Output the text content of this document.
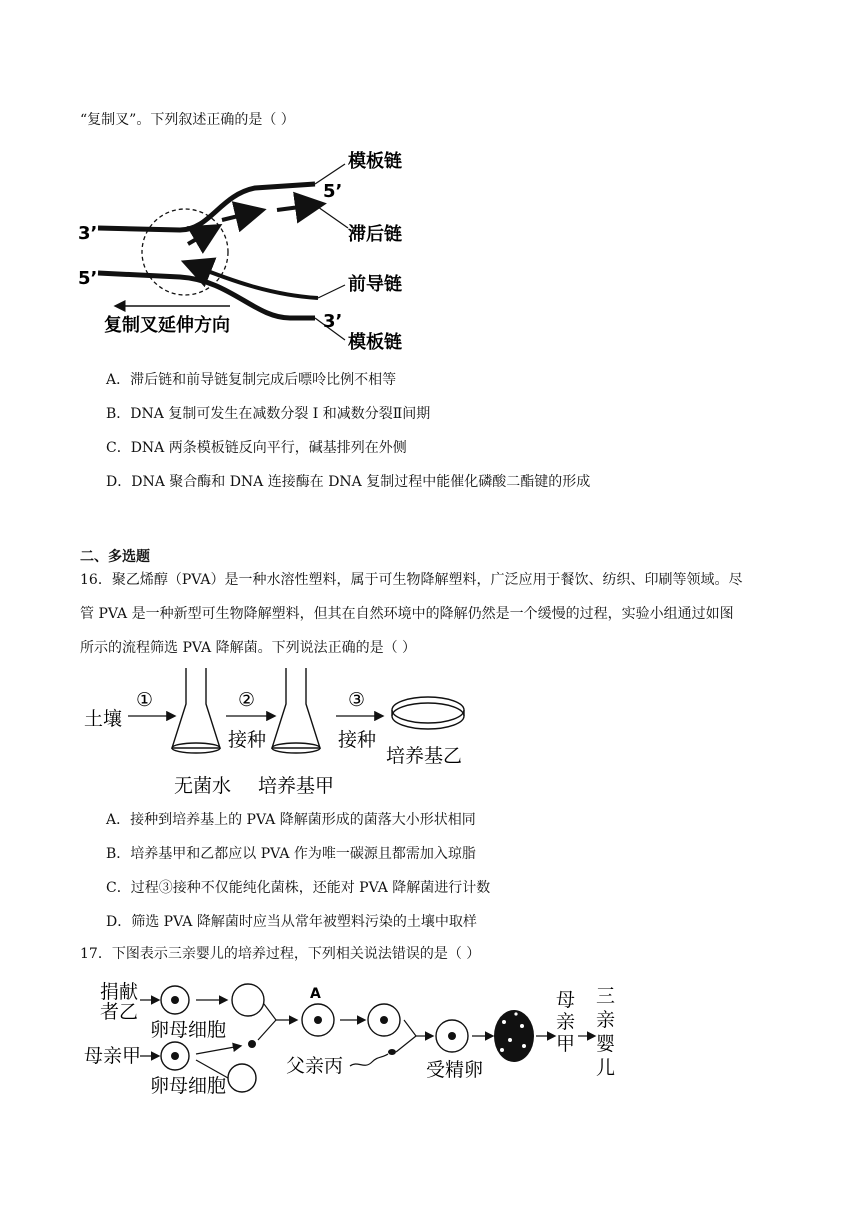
“复制叉”。下列叙述正确的是（ ）
模板链
5’
滞后链
前导链
3’
模板链
3’
5’
复制叉延伸方向
A．滞后链和前导链复制完成后嘌呤比例不相等
B．DNA 复制可发生在减数分裂 I 和减数分裂Ⅱ间期
C．DNA 两条模板链反向平行，碱基排列在外侧
D．DNA 聚合酶和 DNA 连接酶在 DNA 复制过程中能催化磷酸二酯键的形成
二、多选题
16．聚乙烯醇（PVA）是一种水溶性塑料，属于可生物降解塑料，广泛应用于餐饮、纺织、印刷等领域。尽
管 PVA 是一种新型可生物降解塑料，但其在自然环境中的降解仍然是一个缓慢的过程，实验小组通过如图
所示的流程筛选 PVA 降解菌。下列说法正确的是（ ）
土壤
①	②
接种
③
接种
培养基乙
无菌水 培养基甲
A．接种到培养基上的 PVA 降解菌形成的菌落大小形状相同
B．培养基甲和乙都应以 PVA 作为唯一碳源且都需加入琼脂
C．过程③接种不仅能纯化菌株，还能对 PVA 降解菌进行计数
D．筛选 PVA 降解菌时应当从常年被塑料污染的土壤中取样
17．下图表示三亲婴儿的培养过程，下列相关说法错误的是（ ）
捐献
者乙
卵母细胞
母亲甲
卵母细胞
A
父亲丙	受精卵
母
亲
甲
三
亲
婴
儿
